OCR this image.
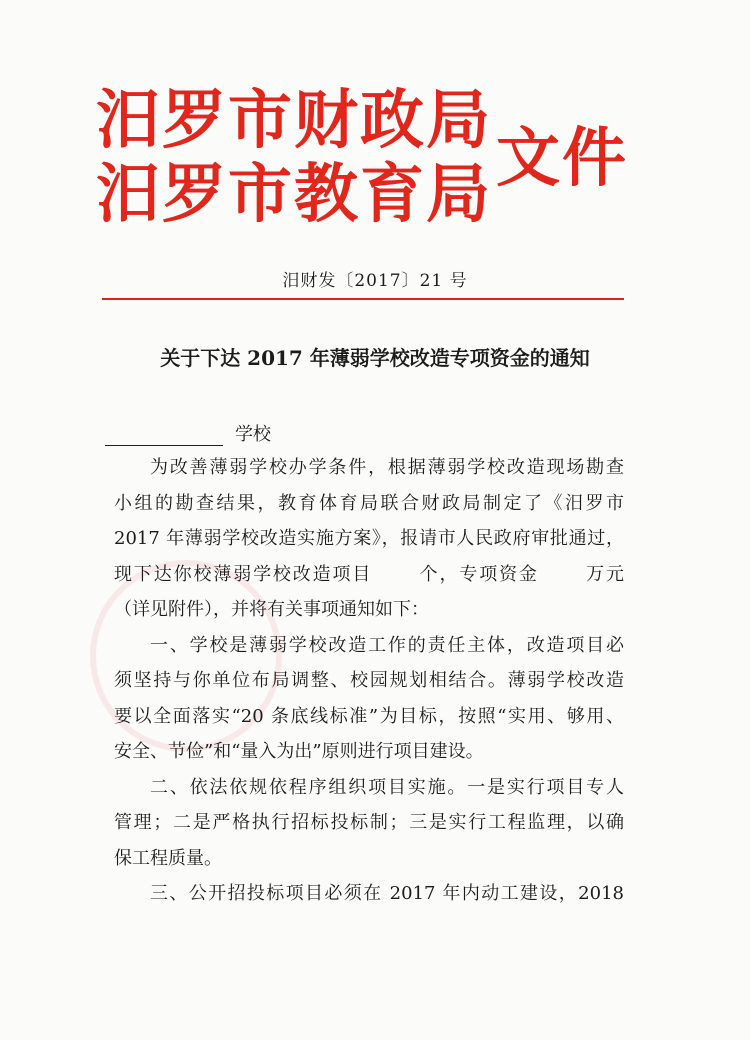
汨罗市财政局
汨罗市教育局 文件
汨财发〔2017〕21 号
关于下达 2017 年薄弱学校改造专项资金的通知
学校
为改善薄弱学校办学条件，根据薄弱学校改造现场勘查
小组的勘查结果，教育体育局联合财政局制定了《汨罗市
2017 年薄弱学校改造实施方案》，报请市人民政府审批通过，
现下达你校薄弱学校改造项目　　 个，专项资金　　 万元
（详见附件），并将有关事项通知如下：
一、学校是薄弱学校改造工作的责任主体，改造项目必
须坚持与你单位布局调整、校园规划相结合。薄弱学校改造
要以全面落实“20 条底线标准”为目标，按照“实用、够用、
安全、节俭”和“量入为出”原则进行项目建设。
二、依法依规依程序组织项目实施。一是实行项目专人
管理；二是严格执行招标投标制；三是实行工程监理，以确
保工程质量。
三、公开招投标项目必须在 2017 年内动工建设，2018
